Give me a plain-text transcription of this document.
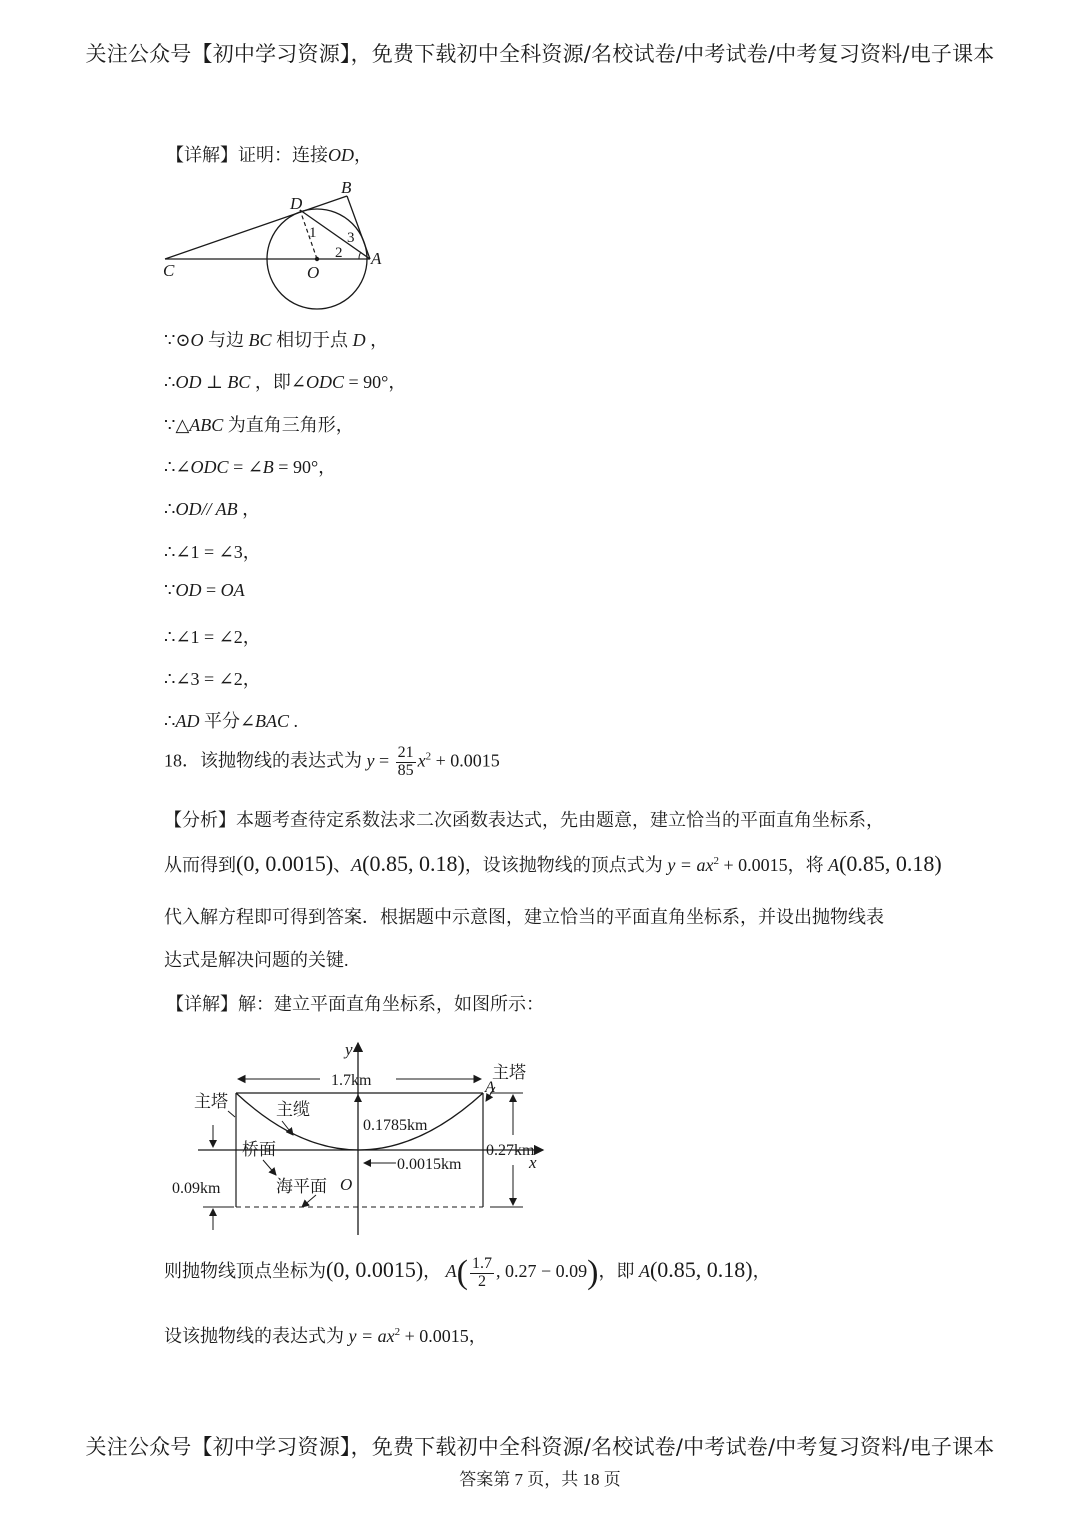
关注公众号【初中学习资源】，免费下载初中全科资源/名校试卷/中考试卷/中考复习资料/电子课本
【详解】证明：连接OD，
B
D
C	O
A
1
2
3
∵⊙O 与边 BC 相切于点 D ，
∴OD ⊥ BC ，即∠ODC = 90°，
∵△ABC 为直角三角形，
∴∠ODC = ∠B = 90°，
∴OD// AB ，
∴∠1 = ∠3，
∵OD = OA
∴∠1 = ∠2，
∴∠3 = ∠2，
∴AD 平分∠BAC .
18．该抛物线的表达式为 $y = \frac{21}{85} x^2 + 0.0015$
【分析】本题考查待定系数法求二次函数表达式，先由题意，建立恰当的平面直角坐标系，
从而得到(0, 0.0015)、A(0.85, 0.18)，设该抛物线的顶点式为 $y = ax^2 + 0.0015$，将 A(0.85, 0.18)
代入解方程即可得到答案．根据题中示意图，建立恰当的平面直角坐标系，并设出抛物线表
达式是解决问题的关键.
【详解】解：建立平面直角坐标系，如图所示：
1.7km
0.27km
0.1785km
0.0015km
0.09km
y
x
O
A
主塔
主塔
主缆
桥面
海平面
则抛物线顶点坐标为(0, 0.0015)， $A( \frac{1.7}{2}$ , 0.27 − 0.09)，即 A(0.85, 0.18)，
设该抛物线的表达式为 $y = ax^2 + 0.0015$，
关注公众号【初中学习资源】，免费下载初中全科资源/名校试卷/中考试卷/中考复习资料/电子课本
答案第 7 页，共 18 页
